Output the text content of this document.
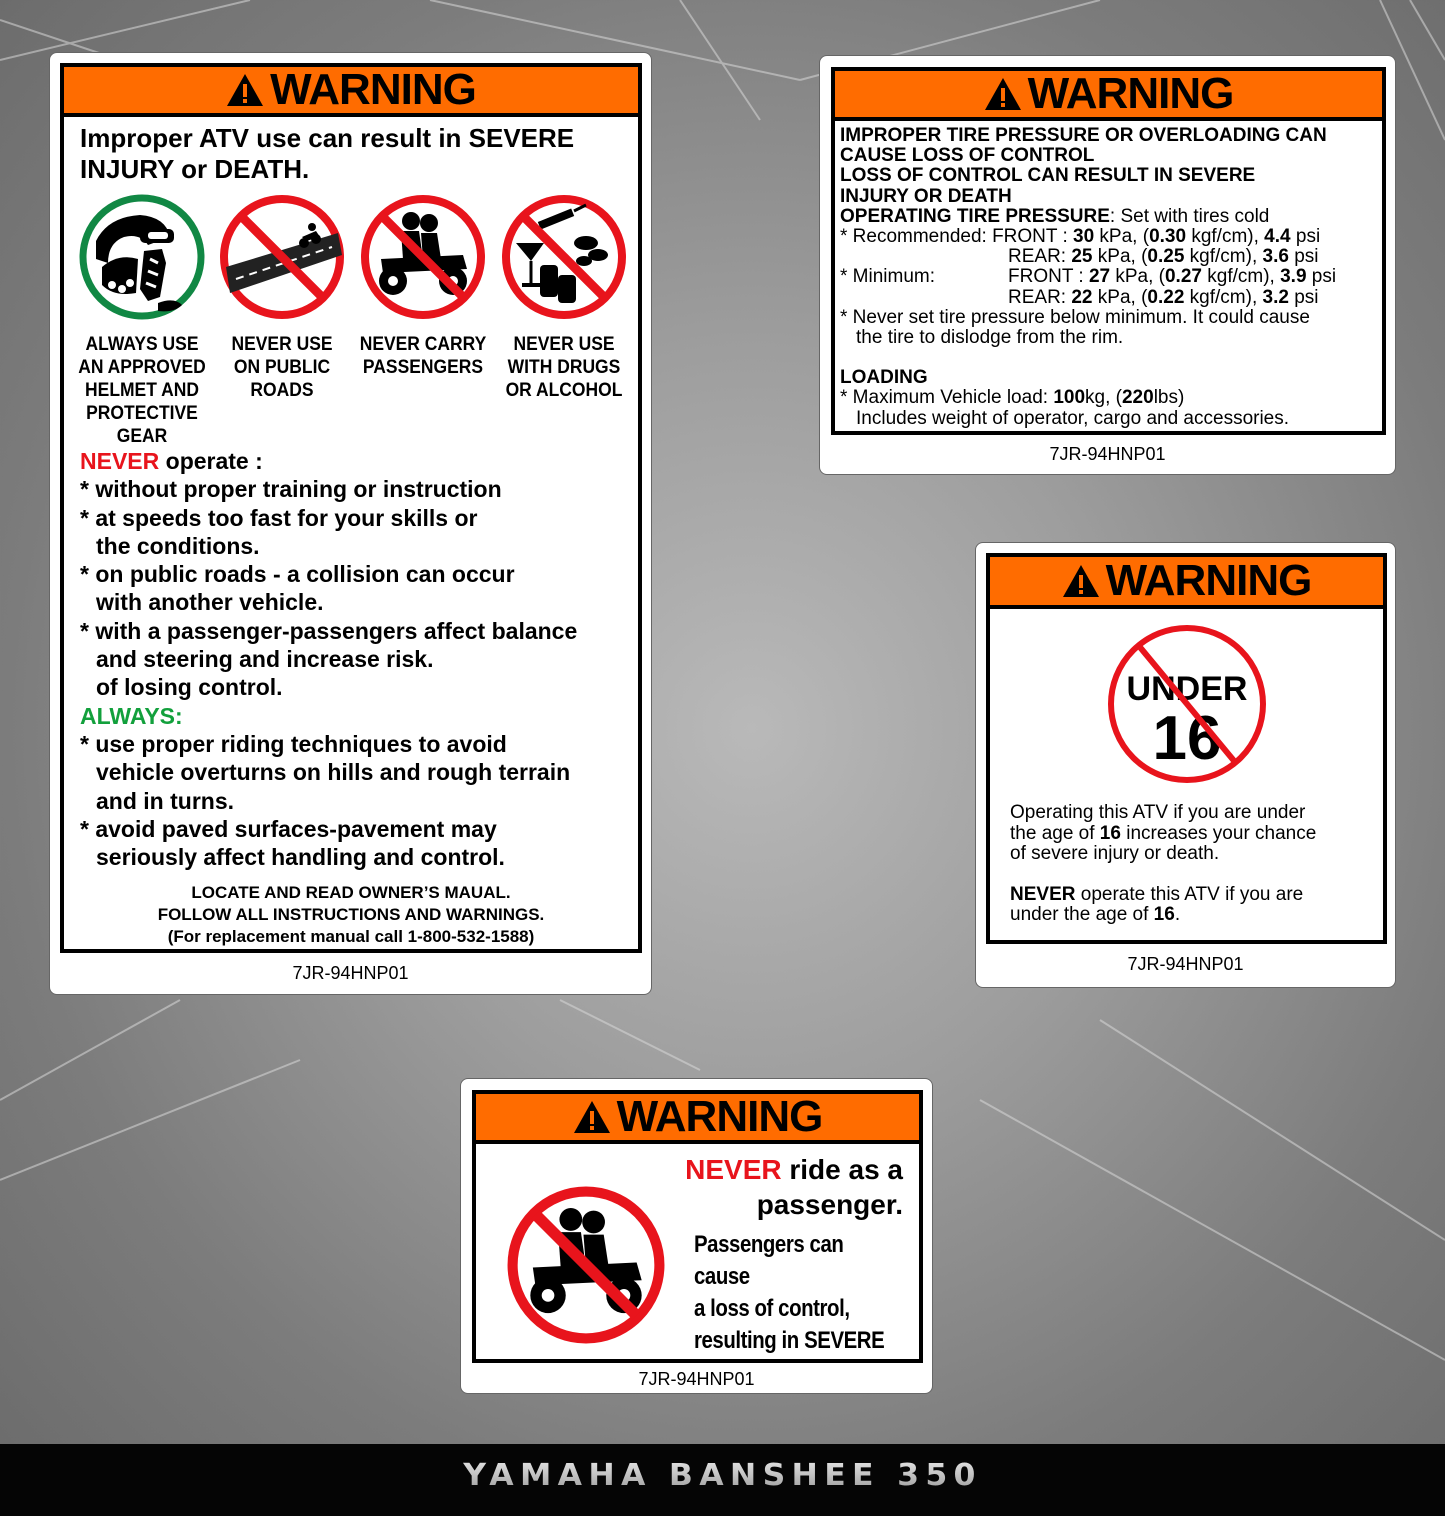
WARNING
Improper ATV use can result in SEVERE
INJURY or DEATH.
ALWAYS USE
AN APPROVED
HELMET AND
PROTECTIVE
GEAR
NEVER USE
ON PUBLIC
ROADS
NEVER CARRY
PASSENGERS
NEVER USE
WITH DRUGS
OR ALCOHOL
NEVER operate :
* without proper training or instruction
* at speeds too fast for your skills or
the conditions.
* on public roads - a collision can occur
with another vehicle.
* with a passenger-passengers affect balance
and steering and increase risk.
of losing control.
ALWAYS:
* use proper riding techniques to avoid
vehicle overturns on hills and rough terrain
and in turns.
* avoid paved surfaces-pavement may
seriously affect handling and control.
LOCATE AND READ OWNER’S MAUAL.
FOLLOW ALL INSTRUCTIONS AND WARNINGS.
(For replacement manual call 1-800-532-1588)
7JR-94HNP01
WARNING
IMPROPER TIRE PRESSURE OR OVERLOADING CAN
CAUSE LOSS OF CONTROL
LOSS OF CONTROL CAN RESULT IN SEVERE
INJURY OR DEATH
OPERATING TIRE PRESSURE: Set with tires cold
* Recommended: FRONT : 30 kPa, (0.30 kgf/cm), 4.4 psi
REAR: 25 kPa, (0.25 kgf/cm), 3.6 psi
* Minimum:	FRONT : 27 kPa, (0.27 kgf/cm), 3.9 psi
REAR: 22 kPa, (0.22 kgf/cm), 3.2 psi
* Never set tire pressure below minimum. It could cause
the tire to dislodge from the rim.
LOADING
* Maximum Vehicle load: 100kg, (220lbs)
Includes weight of operator, cargo and accessories.
7JR-94HNP01
WARNING
UNDER
16
Operating this ATV if you are under
the age of 16 increases your chance
of severe injury or death.
NEVER operate this ATV if you are
under the age of 16.
7JR-94HNP01
WARNING
NEVER ride as a
passenger.
Passengers can cause
a loss of control,
resulting in SEVERE
7JR-94HNP01
YAMAHA BANSHEE 350
